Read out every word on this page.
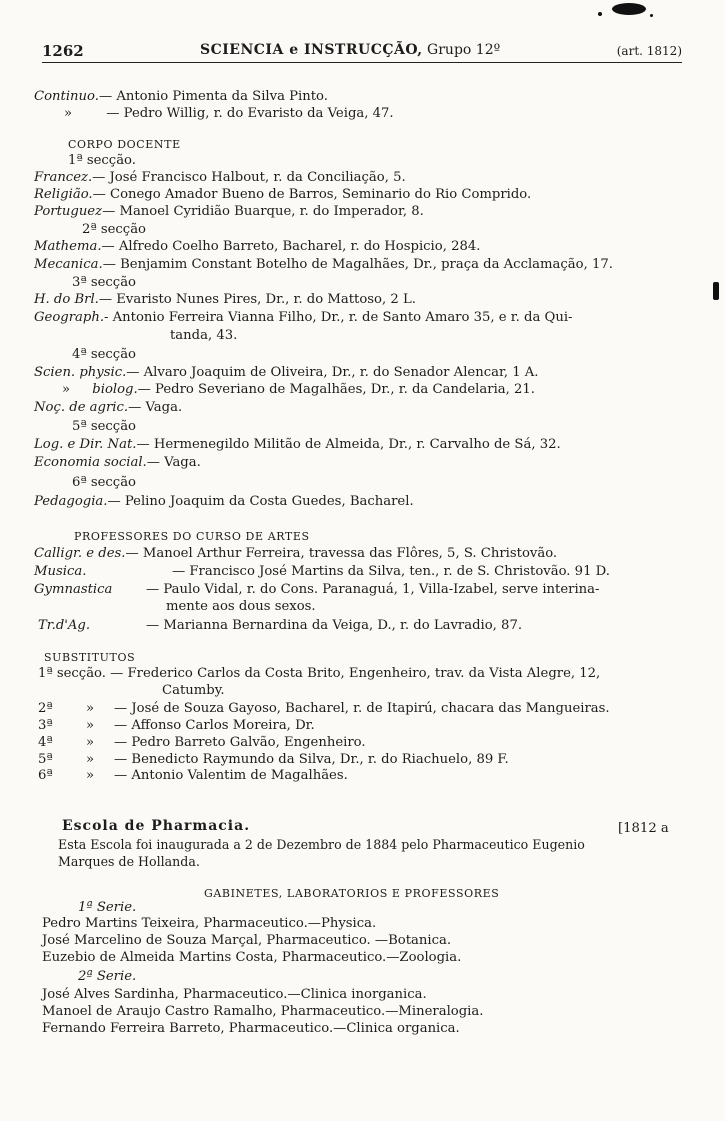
1262	SCIENCIA e INSTRUCÇÃO, Grupo 12º	(art. 1812)
Continuo.— Antonio Pimenta da Silva Pinto.
»	— Pedro Willig, r. do Evaristo da Veiga, 47.
CORPO DOCENTE
1ª secção.
Francez.— José Francisco Halbout, r. da Conciliação, 5.
Religião.— Conego Amador Bueno de Barros, Seminario do Rio Comprido.
Portuguez— Manoel Cyridião Buarque, r. do Imperador, 8.
2ª secção
Mathema.— Alfredo Coelho Barreto, Bacharel, r. do Hospicio, 284.
Mecanica.— Benjamim Constant Botelho de Magalhães, Dr., praça da Acclamação, 17.
3ª secção
H. do Brl.— Evaristo Nunes Pires, Dr., r. do Mattoso, 2 L.
Geograph.- Antonio Ferreira Vianna Filho, Dr., r. de Santo Amaro 35, e r. da Qui-
tanda, 43.
4ª secção
Scien. physic.— Alvaro Joaquim de Oliveira, Dr., r. do Senador Alencar, 1 A.
» biolog.— Pedro Severiano de Magalhães, Dr., r. da Candelaria, 21.
Noç. de agric.— Vaga.
5ª secção
Log. e Dir. Nat.— Hermenegildo Militão de Almeida, Dr., r. Carvalho de Sá, 32.
Economia social.— Vaga.
6ª secção
Pedagogia.— Pelino Joaquim da Costa Guedes, Bacharel.
PROFESSORES DO CURSO DE ARTES
Calligr. e des.— Manoel Arthur Ferreira, travessa das Flôres, 5, S. Christovão.
Musica.	— Francisco José Martins da Silva, ten., r. de S. Christovão. 91 D.
Gymnastica	— Paulo Vidal, r. do Cons. Paranaguá, 1, Villa-Izabel, serve interina-
mente aos dous sexos.
Tr.d'Ag.	— Marianna Bernardina da Veiga, D., r. do Lavradio, 87.
SUBSTITUTOS
1ª secção. — Frederico Carlos da Costa Brito, Engenheiro, trav. da Vista Alegre, 12,
Catumby.
2ª	» — José de Souza Gayoso, Bacharel, r. de Itapirú, chacara das Mangueiras.
3ª	» — Affonso Carlos Moreira, Dr.
4ª	» — Pedro Barreto Galvão, Engenheiro.
5ª	» — Benedicto Raymundo da Silva, Dr., r. do Riachuelo, 89 F.
6ª	» — Antonio Valentim de Magalhães.
Escola de Pharmacia.	[1812 a
Esta Escola foi inaugurada a 2 de Dezembro de 1884 pelo Pharmaceutico Eugenio
Marques de Hollanda.
GABINETES, LABORATORIOS E PROFESSORES
1ª Serie.
Pedro Martins Teixeira, Pharmaceutico.—Physica.
José Marcelino de Souza Marçal, Pharmaceutico. —Botanica.
Euzebio de Almeida Martins Costa, Pharmaceutico.—Zoologia.
2ª Serie.
José Alves Sardinha, Pharmaceutico.—Clinica inorganica.
Manoel de Araujo Castro Ramalho, Pharmaceutico.—Mineralogia.
Fernando Ferreira Barreto, Pharmaceutico.—Clinica organica.
